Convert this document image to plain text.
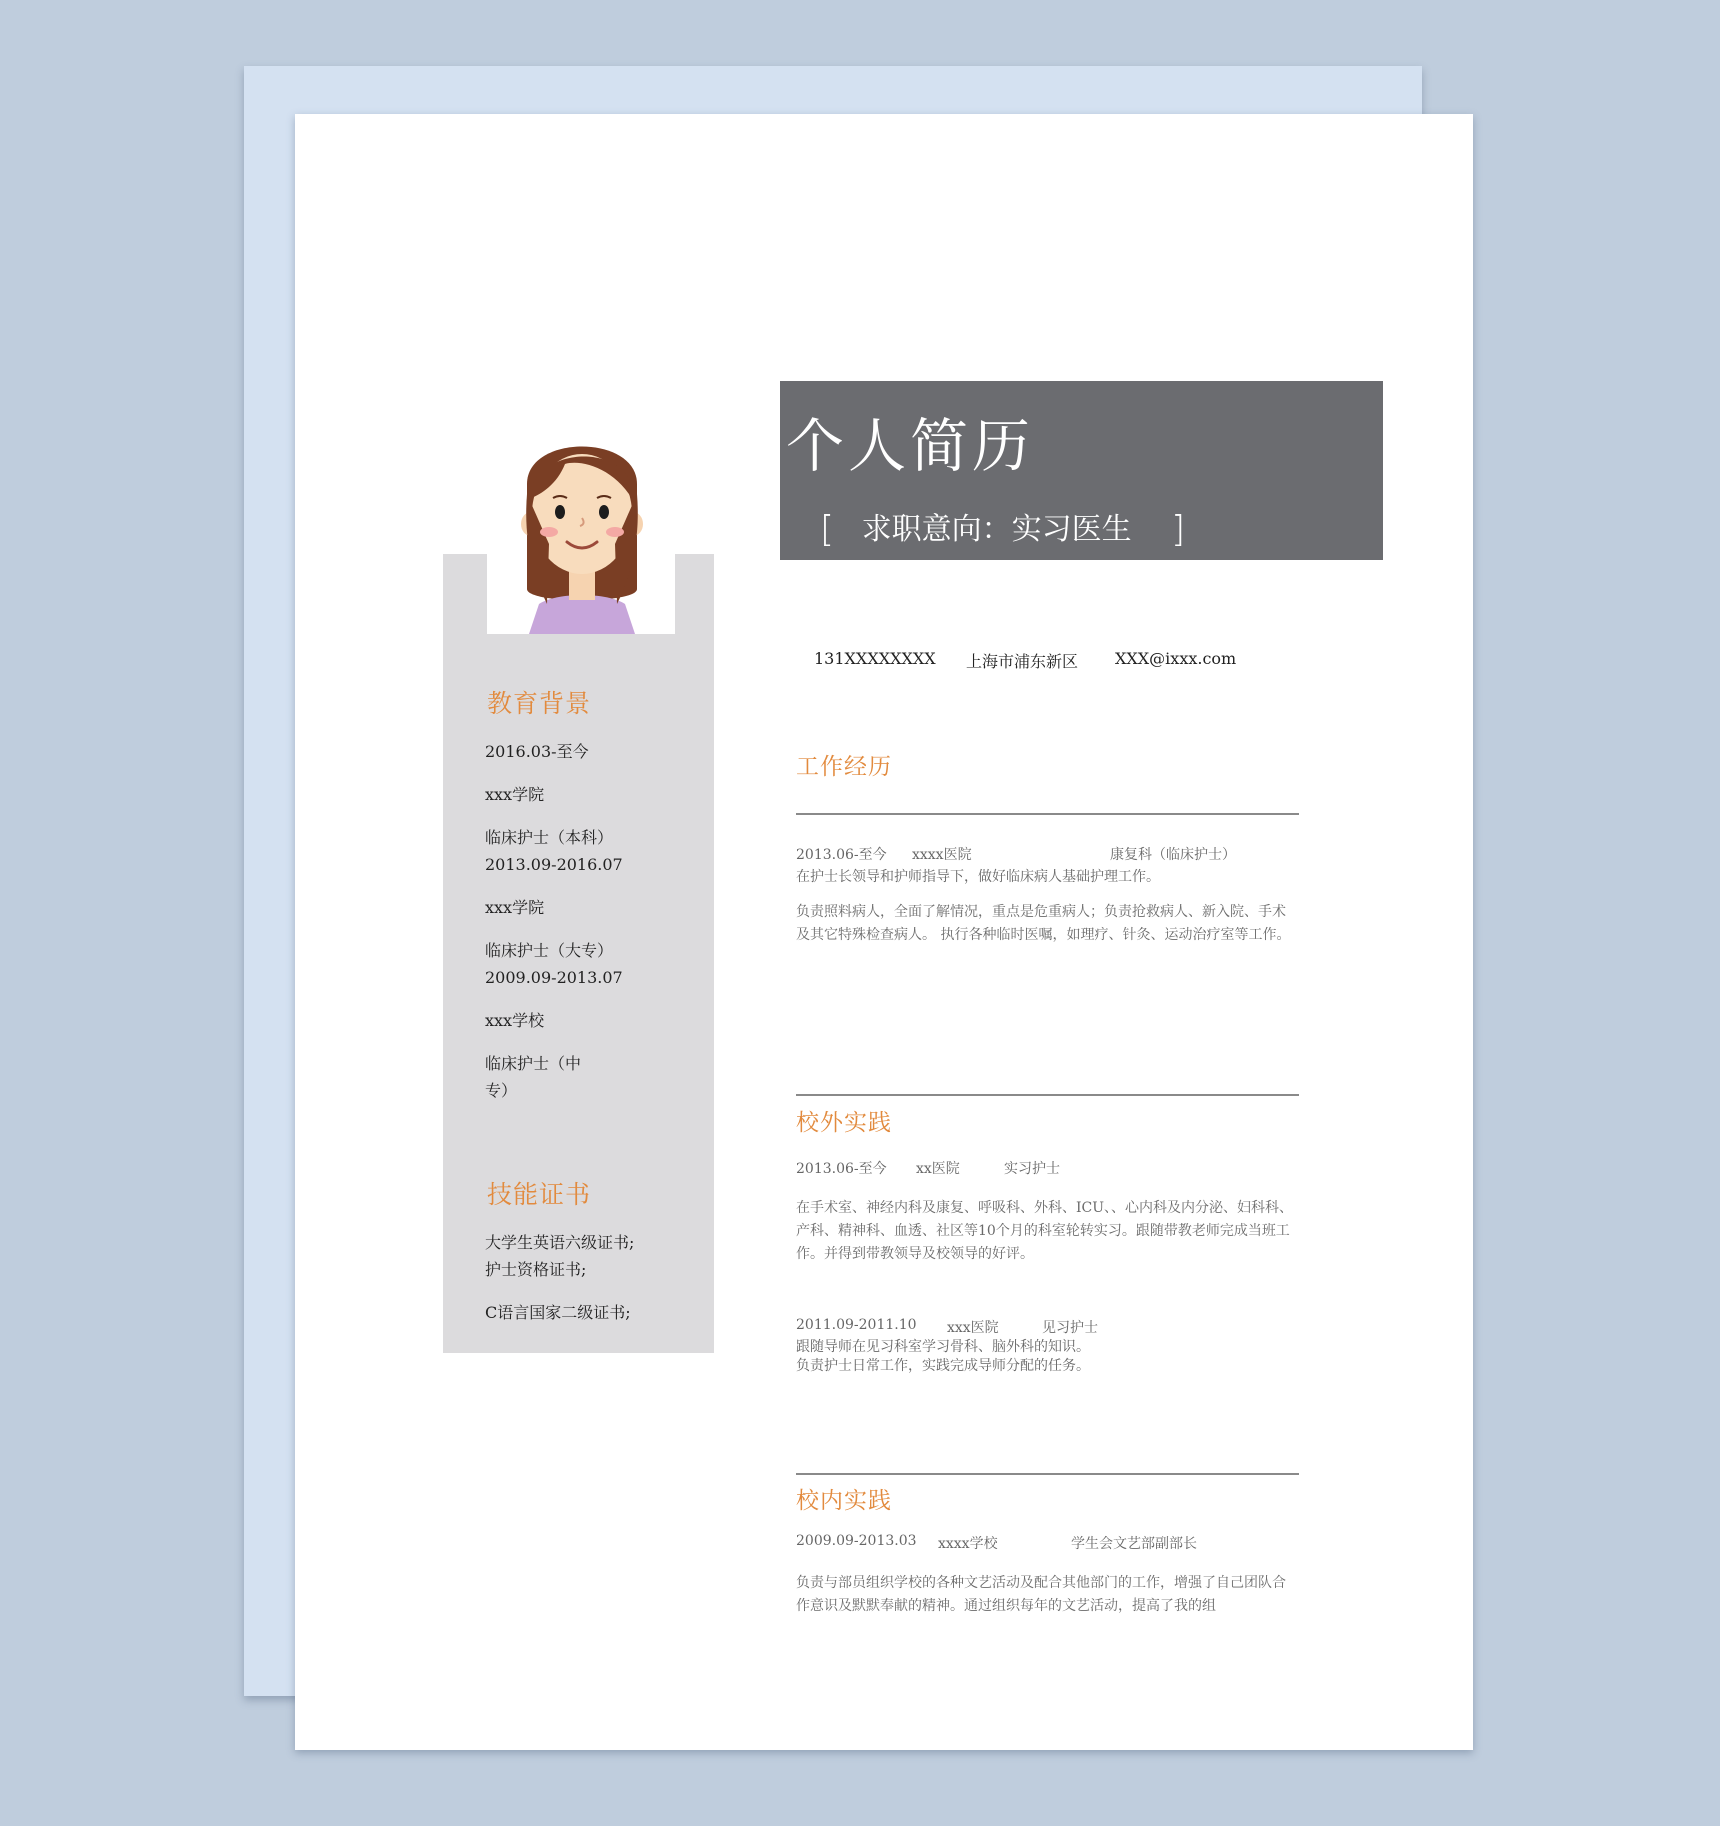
教育背景
2016.03-至今
xxx学院
临床护士（本科）
2013.09-2016.07
xxx学院
临床护士（大专）
2009.09-2013.07
xxx学校
临床护士（中
专）
技能证书
大学生英语六级证书;
护士资格证书;
C语言国家二级证书;
个人简历
[ 求职意向：实习医生 ]
131XXXXXXXX 上海市浦东新区 XXX@ixxx.com
工作经历
2013.06-至今 xxxx医院	康复科（临床护士）
在护士长领导和护师指导下，做好临床病人基础护理工作。
负责照料病人，全面了解情况，重点是危重病人；负责抢救病人、新入院、手术及其它特殊检查病人。 执行各种临时医嘱，如理疗、针灸、运动治疗室等工作。
校外实践
2013.06-至今 xx医院	实习护士
在手术室、神经内科及康复、呼吸科、外科、ICU、、心内科及内分泌、妇科科、产科、精神科、血透、社区等10个月的科室轮转实习。跟随带教老师完成当班工作。并得到带教领导及校领导的好评。
2011.09-2011.10 xxx医院	见习护士
跟随导师在见习科室学习骨科、脑外科的知识。
负责护士日常工作，实践完成导师分配的任务。
校内实践
2009.09-2013.03 xxxx学校	学生会文艺部副部长
负责与部员组织学校的各种文艺活动及配合其他部门的工作，增强了自己团队合作意识及默默奉献的精神。通过组织每年的文艺活动，提高了我的组
